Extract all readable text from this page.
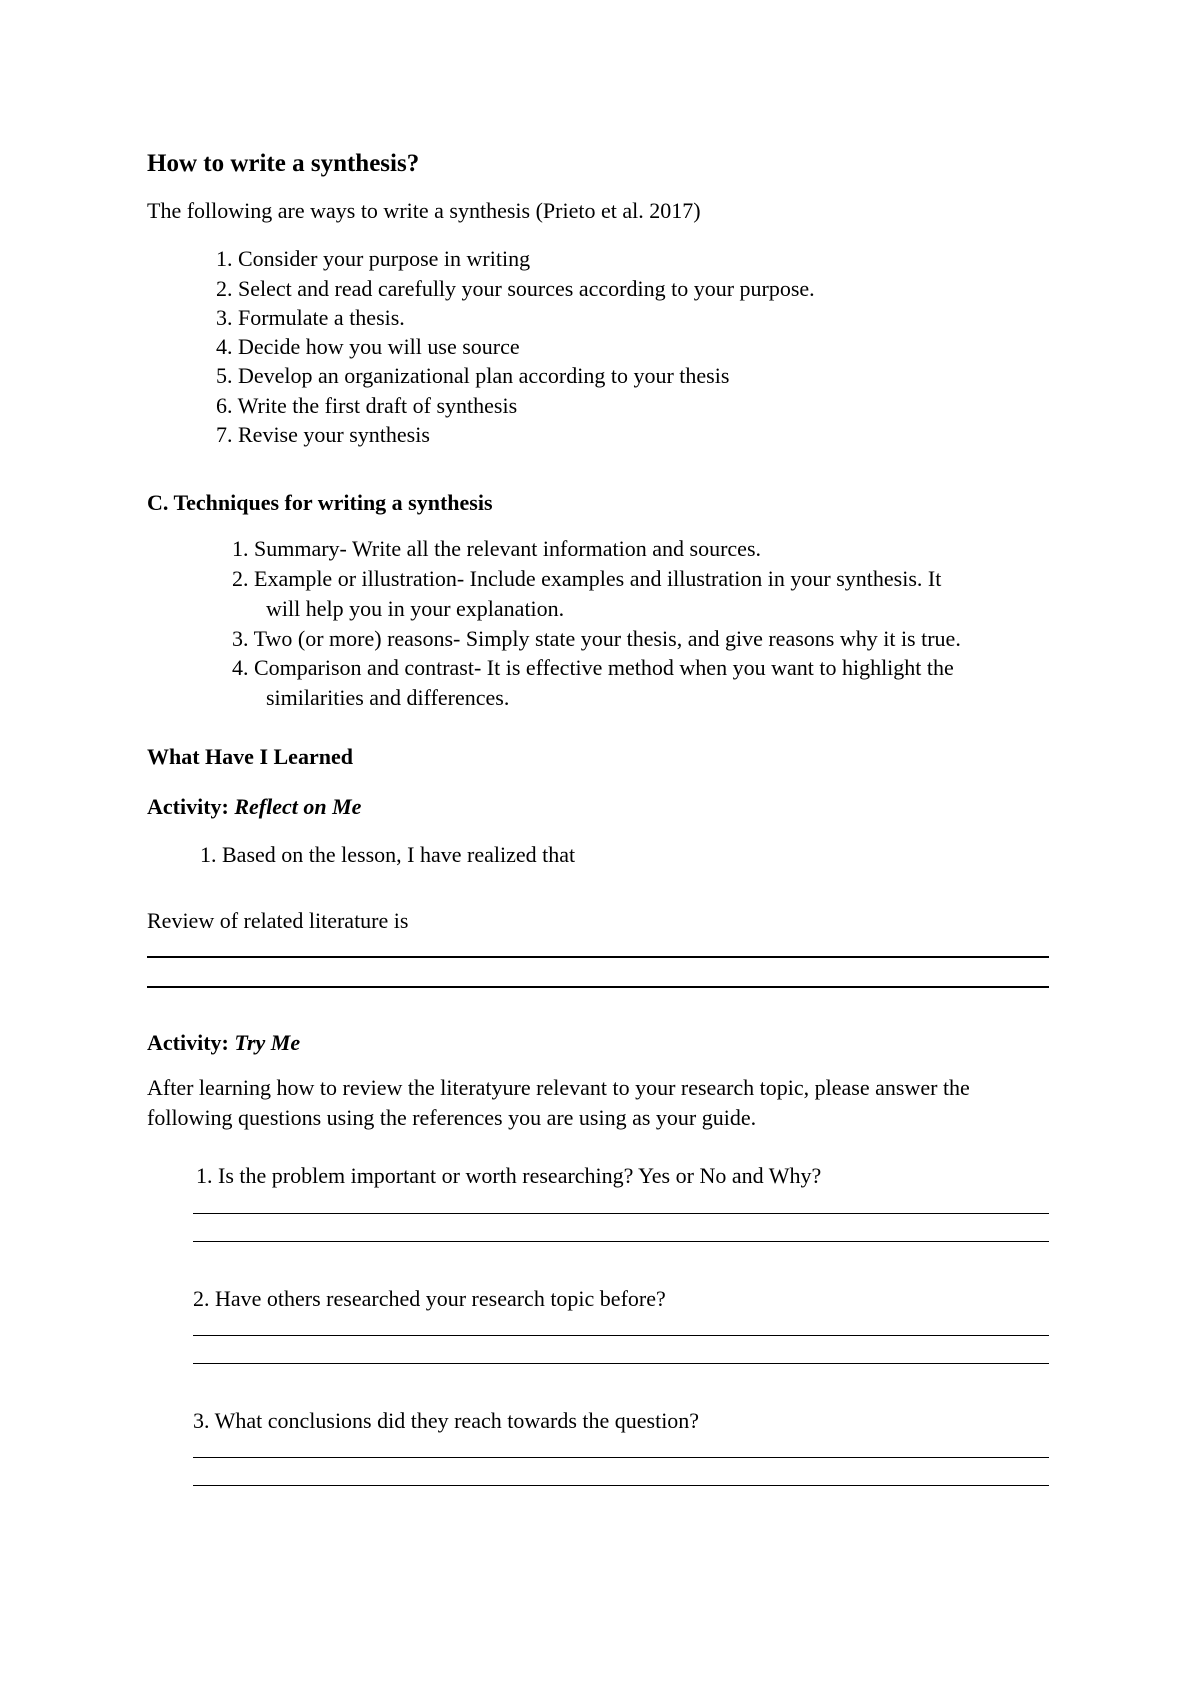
How to write a synthesis?
The following are ways to write a synthesis (Prieto et al. 2017)
1. Consider your purpose in writing
2. Select and read carefully your sources according to your purpose.
3. Formulate a thesis.
4. Decide how you will use source
5. Develop an organizational plan according to your thesis
6. Write the first draft of synthesis
7. Revise your synthesis
C. Techniques for writing a synthesis
1. Summary- Write all the relevant information and sources.
2. Example or illustration- Include examples and illustration in your synthesis. It
will help you in your explanation.
3. Two (or more) reasons- Simply state your thesis, and give reasons why it is true.
4. Comparison and contrast- It is effective method when you want to highlight the
similarities and differences.
What Have I Learned
Activity: Reflect on Me
1. Based on the lesson, I have realized that
Review of related literature is
Activity: Try Me
After learning how to review the literatyure relevant to your research topic, please answer the
following questions using the references you are using as your guide.
1. Is the problem important or worth researching? Yes or No and Why?
2. Have others researched your research topic before?
3. What conclusions did they reach towards the question?
